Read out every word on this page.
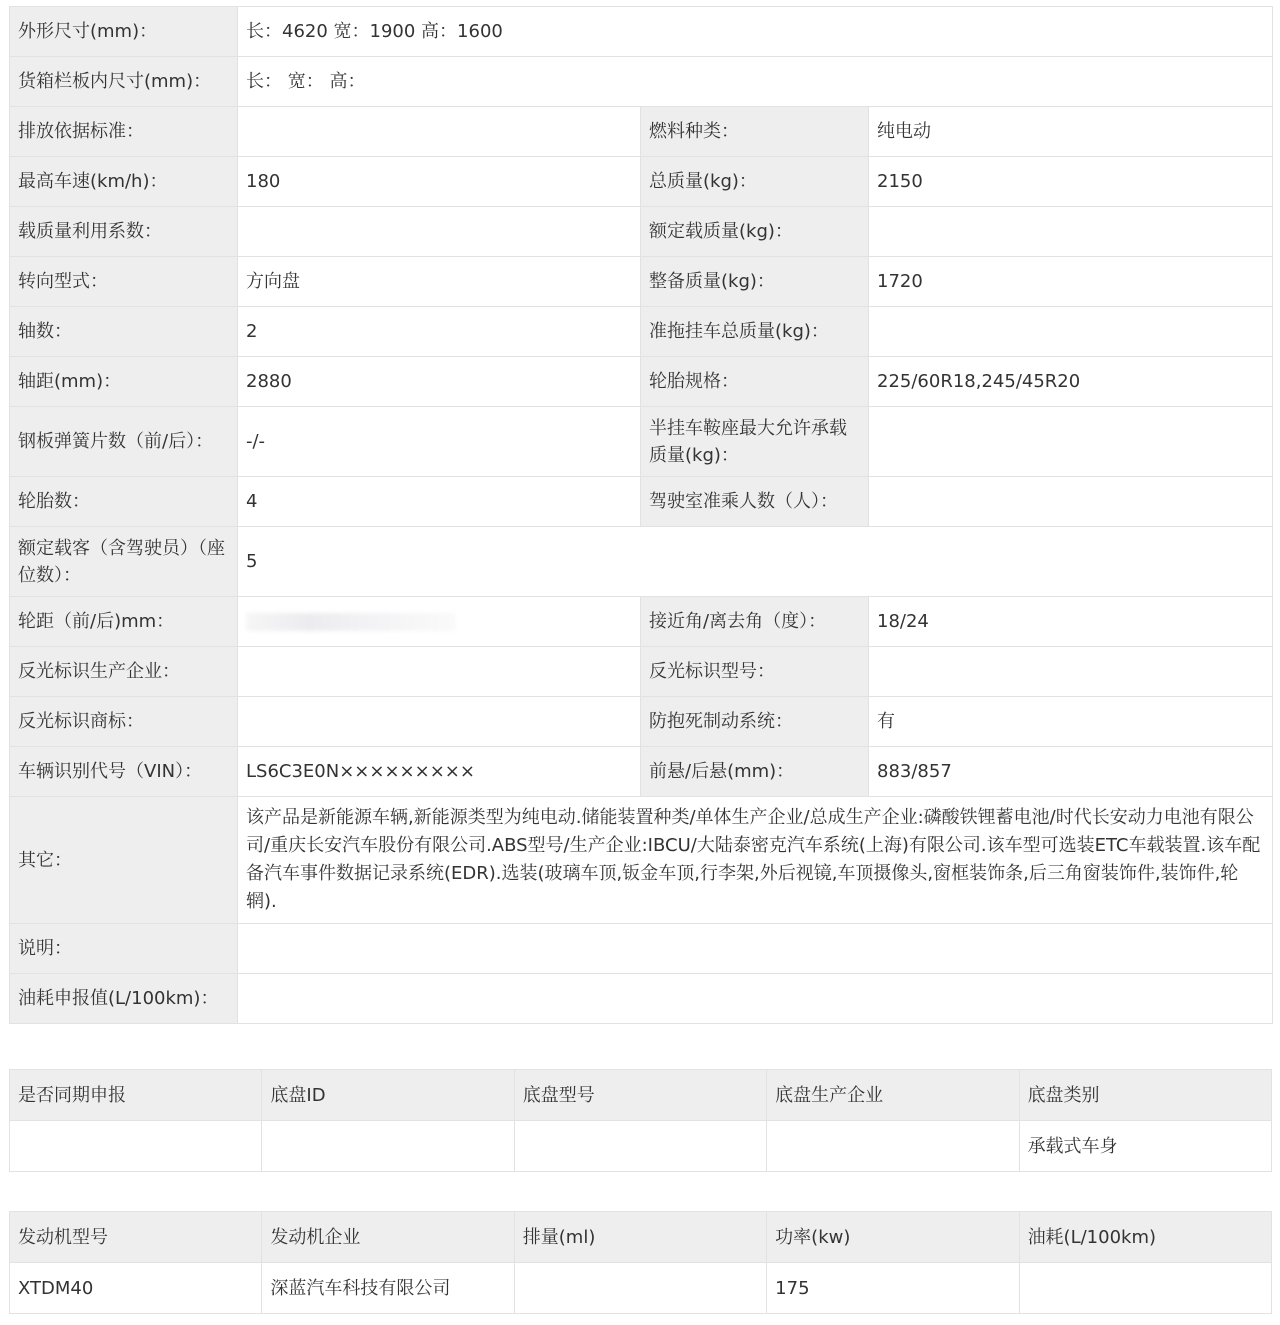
外形尺寸(mm)：	长：4620 宽：1900 高：1600		
货箱栏板内尺寸(mm)：	长： 宽： 高：		
排放依据标准：		燃料种类：	纯电动
最高车速(km/h)：	180	总质量(kg)：	2150
载质量利用系数：		额定载质量(kg)：	
转向型式：	方向盘	整备质量(kg)：	1720
轴数：	2	准拖挂车总质量(kg)：	
轴距(mm)：	2880	轮胎规格：	225/60R18,245/45R20
钢板弹簧片数（前/后）：	-/-	半挂车鞍座最大允许承载质量(kg)：	
轮胎数：	4	驾驶室准乘人数（人）：	
额定载客（含驾驶员）（座位数）：	5		
轮距（前/后)mm：		接近角/离去角（度）：	18/24
反光标识生产企业：		反光标识型号：	
反光标识商标：		防抱死制动系统：	有
车辆识别代号（VIN）：	LS6C3E0N×××××××××	前悬/后悬(mm)：	883/857
其它：	该产品是新能源车辆,新能源类型为纯电动.储能装置种类/单体生产企业/总成生产企业:磷酸铁锂蓄电池/时代长安动力电池有限公司/重庆长安汽车股份有限公司.ABS型号/生产企业:IBCU/大陆泰密克汽车系统(上海)有限公司.该车型可选装ETC车载装置.该车配备汽车事件数据记录系统(EDR).选装(玻璃车顶,钣金车顶,行李架,外后视镜,车顶摄像头,窗框装饰条,后三角窗装饰件,装饰件,轮辋).		
说明：			
油耗申报值(L/100km)：			
是否同期申报	底盘ID	底盘型号	底盘生产企业	底盘类别
				承载式车身
发动机型号	发动机企业	排量(ml)	功率(kw)	油耗(L/100km)
XTDM40	深蓝汽车科技有限公司		175	
